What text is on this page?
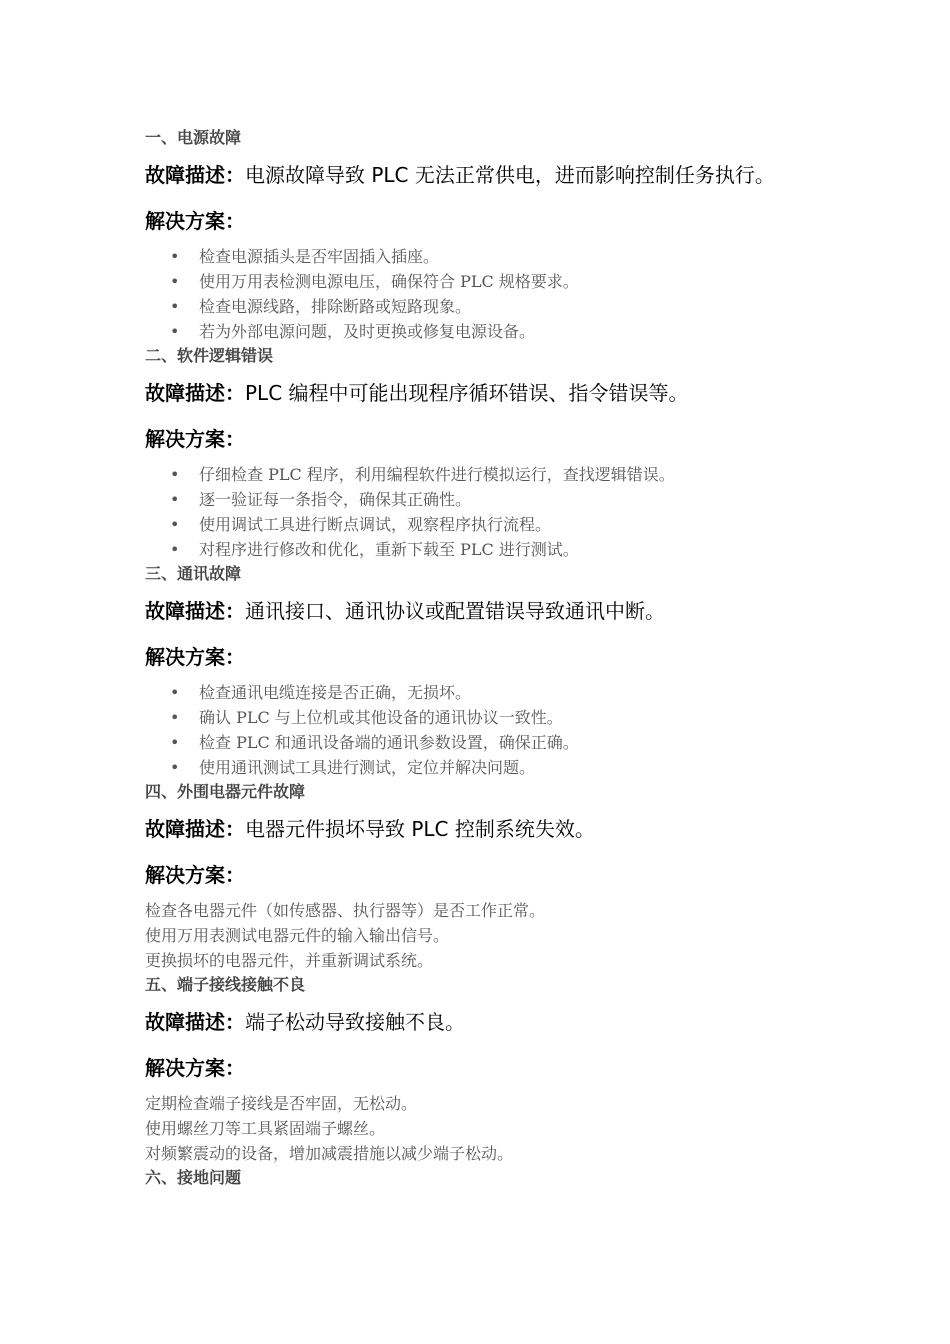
一、电源故障
故障描述：电源故障导致 PLC 无法正常供电，进而影响控制任务执行。
解决方案：
• 检查电源插头是否牢固插入插座。
• 使用万用表检测电源电压，确保符合 PLC 规格要求。
• 检查电源线路，排除断路或短路现象。
• 若为外部电源问题，及时更换或修复电源设备。
二、软件逻辑错误
故障描述：PLC 编程中可能出现程序循环错误、指令错误等。
解决方案：
• 仔细检查 PLC 程序，利用编程软件进行模拟运行，查找逻辑错误。
• 逐一验证每一条指令，确保其正确性。
• 使用调试工具进行断点调试，观察程序执行流程。
• 对程序进行修改和优化，重新下载至 PLC 进行测试。
三、通讯故障
故障描述：通讯接口、通讯协议或配置错误导致通讯中断。
解决方案：
• 检查通讯电缆连接是否正确，无损坏。
• 确认 PLC 与上位机或其他设备的通讯协议一致性。
• 检查 PLC 和通讯设备端的通讯参数设置，确保正确。
• 使用通讯测试工具进行测试，定位并解决问题。
四、外围电器元件故障
故障描述：电器元件损坏导致 PLC 控制系统失效。
解决方案：
检查各电器元件（如传感器、执行器等）是否工作正常。
使用万用表测试电器元件的输入输出信号。
更换损坏的电器元件，并重新调试系统。
五、端子接线接触不良
故障描述：端子松动导致接触不良。
解决方案：
定期检查端子接线是否牢固，无松动。
使用螺丝刀等工具紧固端子螺丝。
对频繁震动的设备，增加减震措施以减少端子松动。
六、接地问题
